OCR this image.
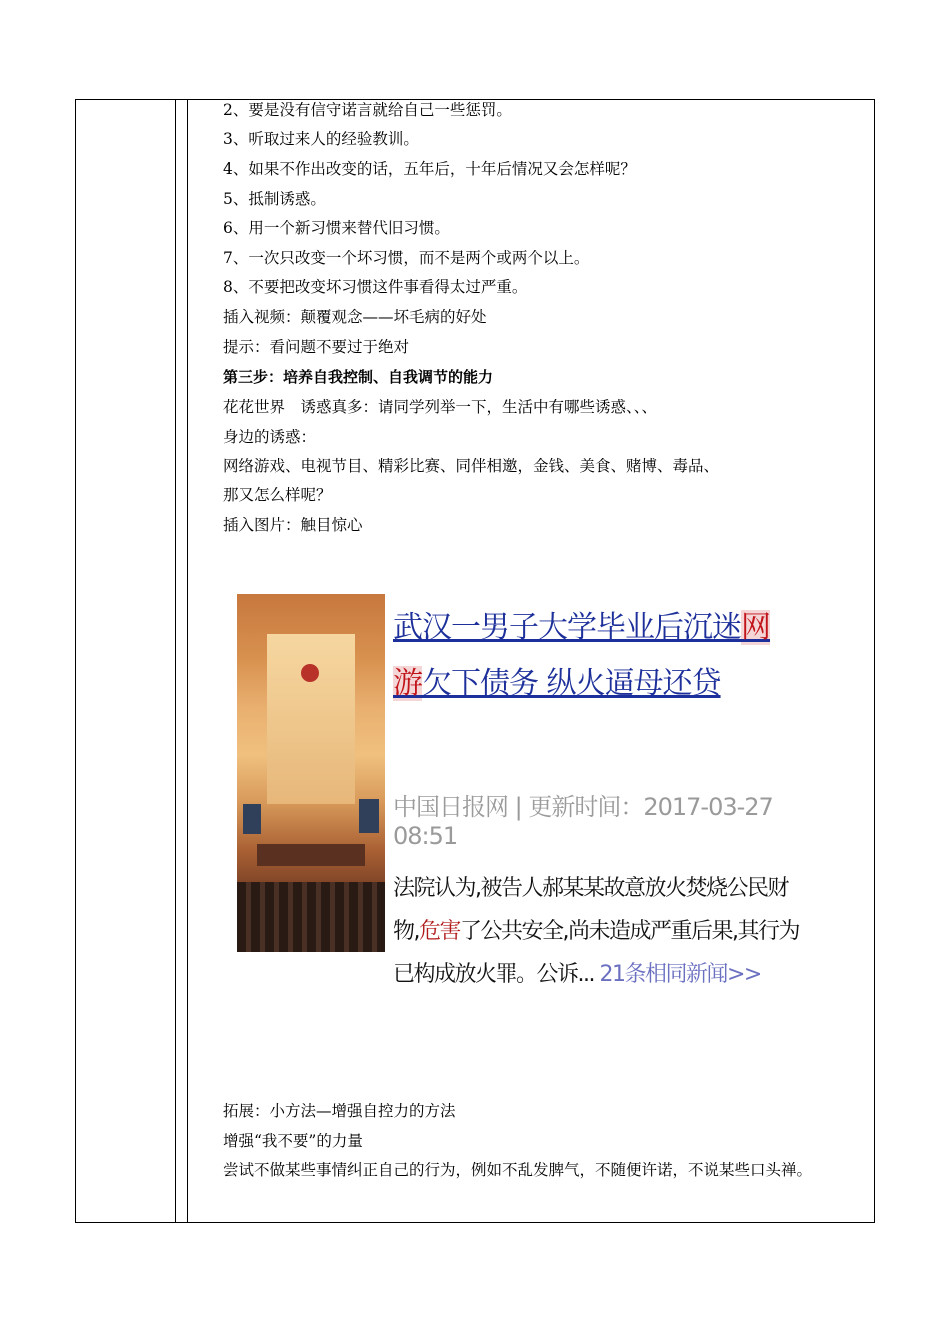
2、要是没有信守诺言就给自己一些惩罚。
3、听取过来人的经验教训。
4、如果不作出改变的话，五年后，十年后情况又会怎样呢？
5、抵制诱惑。
6、用一个新习惯来替代旧习惯。
7、一次只改变一个坏习惯，而不是两个或两个以上。
8、不要把改变坏习惯这件事看得太过严重。
插入视频：颠覆观念——坏毛病的好处
提示：看问题不要过于绝对
第三步：培养自我控制、自我调节的能力
花花世界　诱惑真多：请同学列举一下，生活中有哪些诱惑、、、
身边的诱惑：
网络游戏、电视节目、精彩比赛、同伴相邀，金钱、美食、赌博、毒品、
那又怎么样呢？
插入图片：触目惊心
拓展：小方法—增强自控力的方法
增强“我不要”的力量
尝试不做某些事情纠正自己的行为，例如不乱发脾气，不随便许诺，不说某些口头禅。
武汉一男子大学毕业后沉迷网游欠下债务 纵火逼母还贷
中国日报网 | 更新时间：2017-03-27 08:51
法院认为,被告人郝某某故意放火焚烧公民财物,危害了公共安全,尚未造成严重后果,其行为已构成放火罪。公诉... 21条相同新闻>>
